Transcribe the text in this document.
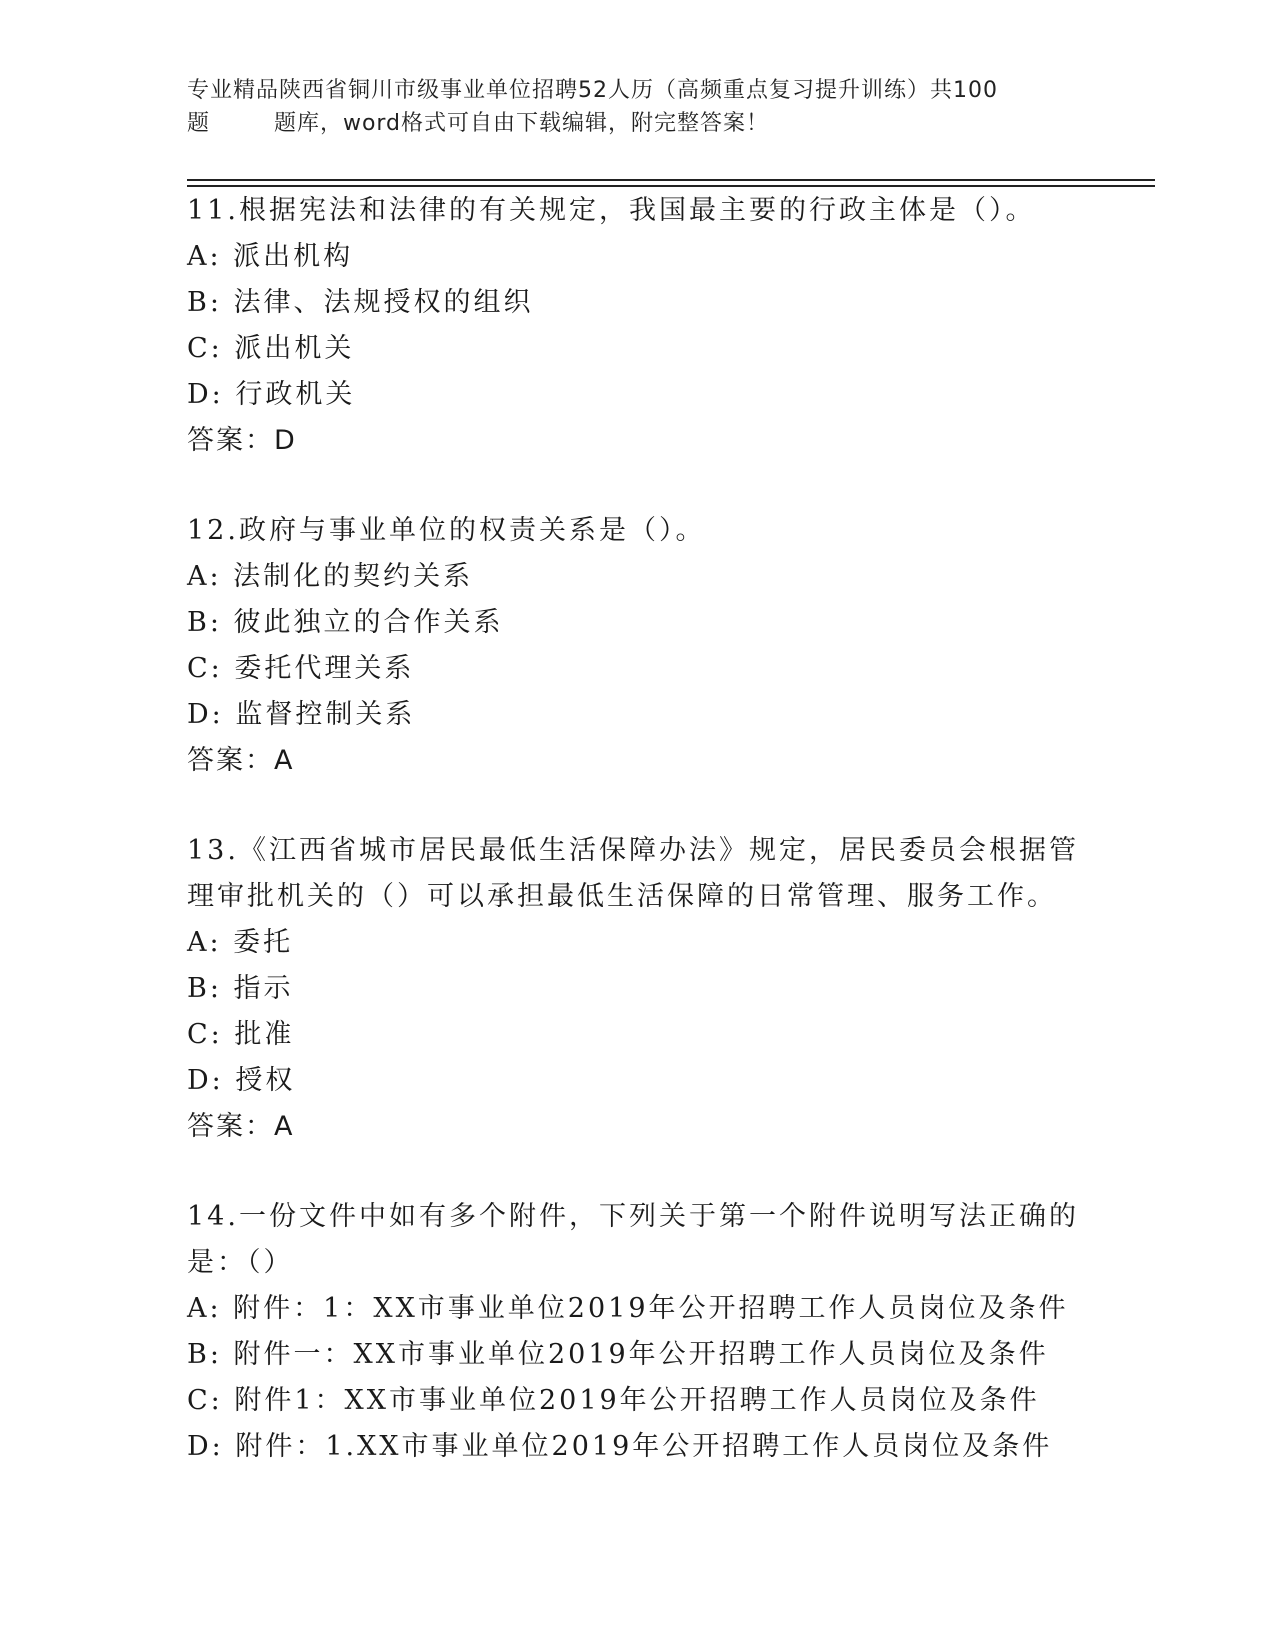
专业精品陕西省铜川市级事业单位招聘52人历（高频重点复习提升训练）共100
题        题库，word格式可自由下载编辑，附完整答案！
11.根据宪法和法律的有关规定，我国最主要的行政主体是（）。
A: 派出机构
B: 法律、法规授权的组织
C: 派出机关
D: 行政机关
答案：D
12.政府与事业单位的权责关系是（）。
A: 法制化的契约关系
B: 彼此独立的合作关系
C: 委托代理关系
D: 监督控制关系
答案：A
13.《江西省城市居民最低生活保障办法》规定，居民委员会根据管理审批机关的（）可以承担最低生活保障的日常管理、服务工作。
A: 委托
B: 指示
C: 批准
D: 授权
答案：A
14.一份文件中如有多个附件，下列关于第一个附件说明写法正确的是：（）
A: 附件：1：XX市事业单位2019年公开招聘工作人员岗位及条件
B: 附件一：XX市事业单位2019年公开招聘工作人员岗位及条件
C: 附件1：XX市事业单位2019年公开招聘工作人员岗位及条件
D: 附件：1.XX市事业单位2019年公开招聘工作人员岗位及条件
